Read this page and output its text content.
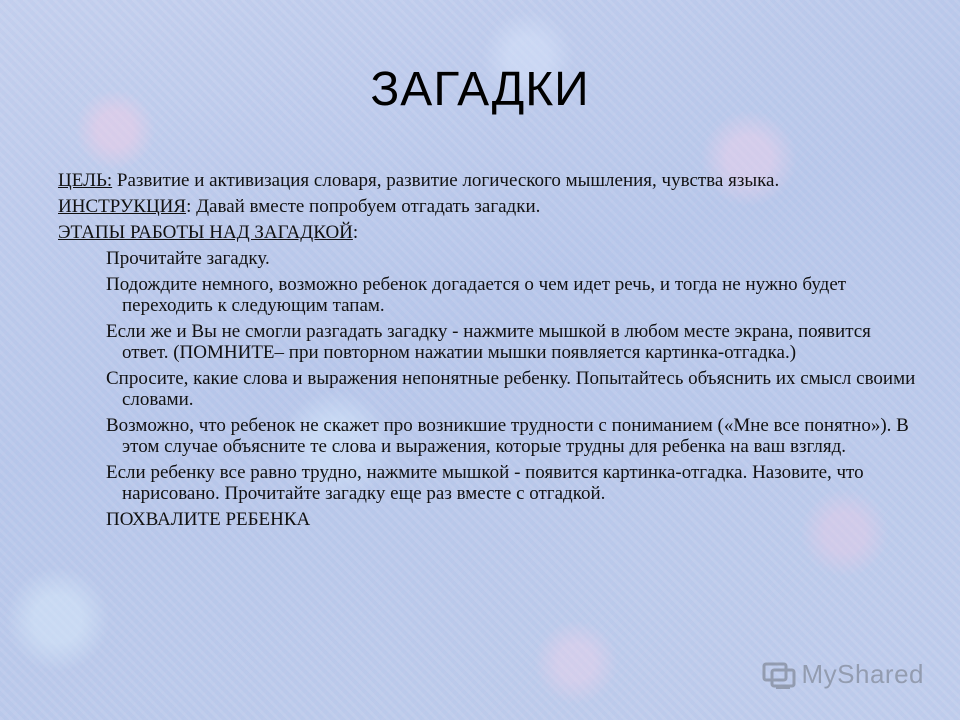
ЗАГАДКИ

ЦЕЛЬ: Развитие и активизация словаря, развитие логического мышления, чувства языка.

ИНСТРУКЦИЯ: Давай вместе попробуем отгадать загадки.

ЭТАПЫ РАБОТЫ НАД ЗАГАДКОЙ:

Прочитайте загадку.

Подождите немного, возможно ребенок догадается о чем идет речь, и тогда не нужно будет переходить к следующим тапам.

Если же и Вы не смогли разгадать загадку - нажмите мышкой в любом месте экрана, появится ответ. (ПОМНИТЕ– при повторном нажатии мышки появляется картинка-отгадка.)

Спросите, какие слова и выражения непонятные ребенку. Попытайтесь объяснить их смысл своими словами.

Возможно, что ребенок не скажет про возникшие трудности с пониманием («Мне все понятно»). В этом случае объясните те слова и выражения, которые трудны для ребенка на ваш взгляд.

Если ребенку все равно трудно, нажмите мышкой - появится картинка-отгадка. Назовите, что нарисовано. Прочитайте загадку еще раз вместе с отгадкой.

ПОХВАЛИТЕ РЕБЕНКА

MyShared
